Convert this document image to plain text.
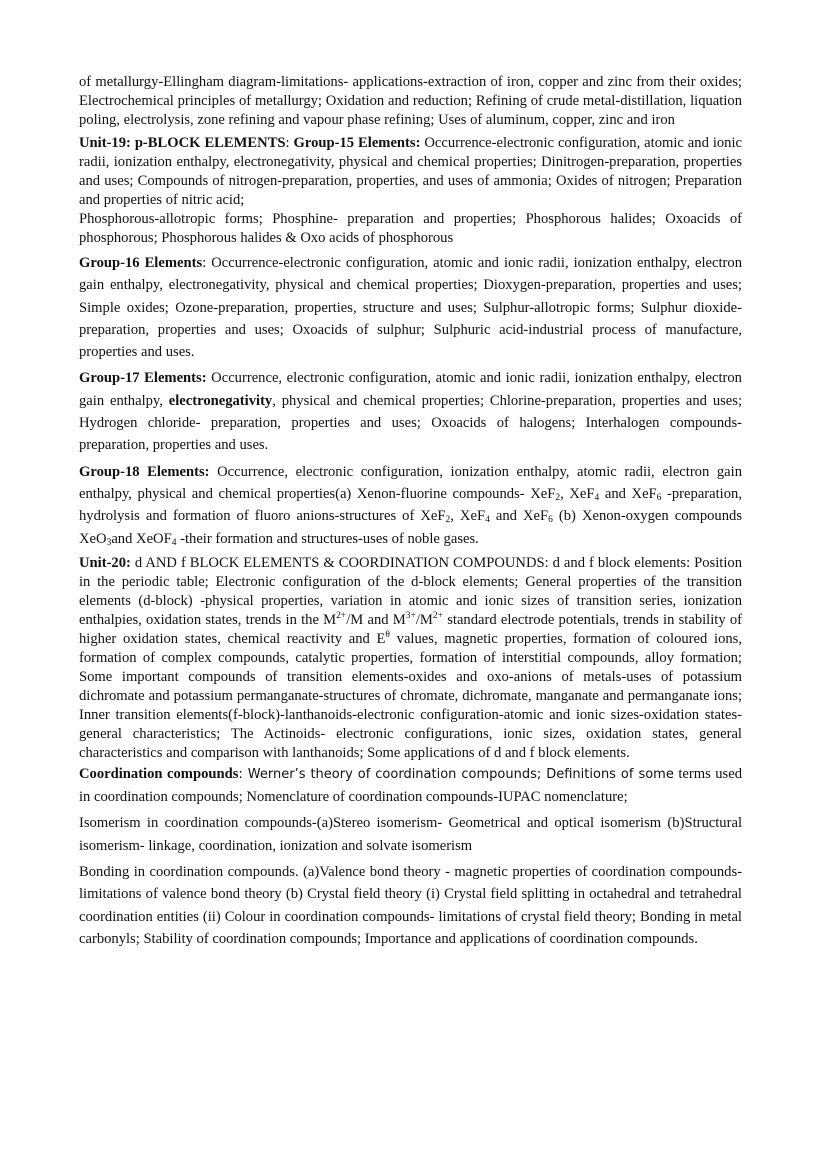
of metallurgy-Ellingham diagram-limitations- applications-extraction of iron, copper and zinc from their oxides; Electrochemical principles of metallurgy; Oxidation and reduction; Refining of crude metal-distillation, liquation poling, electrolysis, zone refining and vapour phase refining; Uses of aluminum, copper, zinc and iron

Unit-19: p-BLOCK ELEMENTS: Group-15 Elements: Occurrence-electronic configuration, atomic and ionic radii, ionization enthalpy, electronegativity, physical and chemical properties; Dinitrogen-preparation, properties and uses; Compounds of nitrogen-preparation, properties, and uses of ammonia; Oxides of nitrogen; Preparation and properties of nitric acid;

Phosphorous-allotropic forms; Phosphine- preparation and properties; Phosphorous halides; Oxoacids of phosphorous; Phosphorous halides & Oxo acids of phosphorous

Group-16 Elements: Occurrence-electronic configuration, atomic and ionic radii, ionization enthalpy, electron gain enthalpy, electronegativity, physical and chemical properties; Dioxygen-preparation, properties and uses; Simple oxides; Ozone-preparation, properties, structure and uses; Sulphur-allotropic forms; Sulphur dioxide-preparation, properties and uses; Oxoacids of sulphur; Sulphuric acid-industrial process of manufacture, properties and uses.

Group-17 Elements: Occurrence, electronic configuration, atomic and ionic radii, ionization enthalpy, electron gain enthalpy, electronegativity, physical and chemical properties; Chlorine-preparation, properties and uses; Hydrogen chloride- preparation, properties and uses; Oxoacids of halogens; Interhalogen compounds-preparation, properties and uses.

Group-18 Elements: Occurrence, electronic configuration, ionization enthalpy, atomic radii, electron gain enthalpy, physical and chemical properties(a) Xenon-fluorine compounds- XeF$_2$, XeF$_4$ and XeF$_6$ -preparation, hydrolysis and formation of fluoro anions-structures of XeF$_2$, XeF$_4$ and XeF$_6$ (b) Xenon-oxygen compounds XeO$_3$and XeOF$_4$ -their formation and structures-uses of noble gases.

Unit-20: d AND f BLOCK ELEMENTS & COORDINATION COMPOUNDS: d and f block elements: Position in the periodic table; Electronic configuration of the d-block elements; General properties of the transition elements (d-block) -physical properties, variation in atomic and ionic sizes of transition series, ionization enthalpies, oxidation states, trends in the $M^{2+}/M$ and $M^{3+}/M^{2+}$ standard electrode potentials, trends in stability of higher oxidation states, chemical reactivity and $E^\theta$ values, magnetic properties, formation of coloured ions, formation of complex compounds, catalytic properties, formation of interstitial compounds, alloy formation; Some important compounds of transition elements-oxides and oxo-anions of metals-uses of potassium dichromate and potassium permanganate-structures of chromate, dichromate, manganate and permanganate ions; Inner transition elements(f-block)-lanthanoids-electronic configuration-atomic and ionic sizes-oxidation states- general characteristics; The Actinoids- electronic configurations, ionic sizes, oxidation states, general characteristics and comparison with lanthanoids; Some applications of d and f block elements.

Coordination compounds: Werner’s theory of coordination compounds; Definitions of some terms used in coordination compounds; Nomenclature of coordination compounds-IUPAC nomenclature;

Isomerism in coordination compounds-(a)Stereo isomerism- Geometrical and optical isomerism (b)Structural isomerism- linkage, coordination, ionization and solvate isomerism

Bonding in coordination compounds. (a)Valence bond theory - magnetic properties of coordination compounds-limitations of valence bond theory (b) Crystal field theory (i) Crystal field splitting in octahedral and tetrahedral coordination entities (ii) Colour in coordination compounds- limitations of crystal field theory; Bonding in metal carbonyls; Stability of coordination compounds; Importance and applications of coordination compounds.
